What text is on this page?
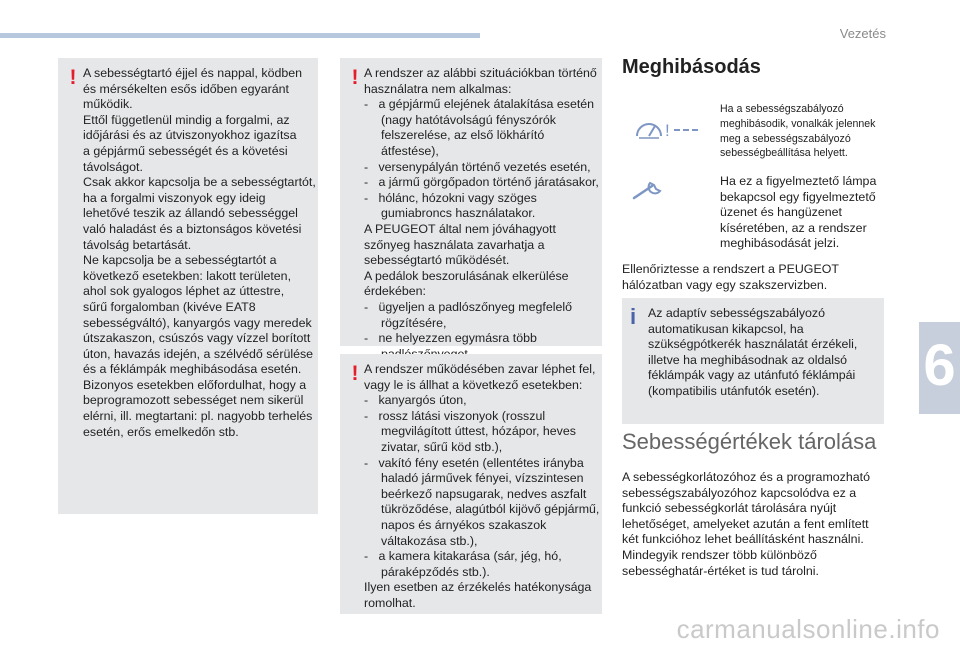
Vezetés
6
carmanualsonline.info
! A sebességtartó éjjel és nappal, ködben

és mérsékelten esős időben egyaránt

működik.

Ettől függetlenül mindig a forgalmi, az

időjárási és az útviszonyokhoz igazítsa

a gépjármű sebességét és a követési

távolságot.

Csak akkor kapcsolja be a sebességtartót,

ha a forgalmi viszonyok egy ideig

lehetővé teszik az állandó sebességgel

való haladást és a biztonságos követési

távolság betartását.

Ne kapcsolja be a sebességtartót a

következő esetekben: lakott területen,

ahol sok gyalogos léphet az úttestre,

sűrű forgalomban (kivéve EAT8

sebességváltó), kanyargós vagy meredek

útszakaszon, csúszós vagy vízzel borított

úton, havazás idején, a szélvédő sérülése

és a féklámpák meghibásodása esetén.

Bizonyos esetekben előfordulhat, hogy a

beprogramozott sebességet nem sikerül

elérni, ill. megtartani: pl. nagyobb terhelés

esetén, erős emelkedőn stb.

! A rendszer az alábbi szituációkban történő

használatra nem alkalmas:

-   a gépjármű elejének átalakítása esetén (nagy hatótávolságú fényszórók felszerelése, az első lökhárító átfestése),

-   versenypályán történő vezetés esetén,

-   a jármű görgőpadon történő járatásakor,

-   hólánc, hózokni vagy szöges gumiabroncs használatakor.

A PEUGEOT által nem jóváhagyott szőnyeg használata zavarhatja a sebességtartó működését.

A pedálok beszorulásának elkerülése érdekében:

-   ügyeljen a padlószőnyeg megfelelő rögzítésére,

-   ne helyezzen egymásra több

! A rendszer működésében zavar léphet fel, vagy le is állhat a következő esetekben:

-   kanyargós úton,

-   rossz látási viszonyok (rosszul megvilágított úttest, hózápor, heves zivatar, sűrű köd stb.),

-   vakító fény esetén (ellentétes irányba haladó járművek fényei, vízszintesen beérkező napsugarak, nedves aszfalt tükröződése, alagútból kijövő gépjármű, napos és árnyékos szakaszok váltakozása stb.),

-   a kamera kitakarása (sár, jég, hó, páraképződés stb.).

Ilyen esetben az érzékelés hatékonysága romolhat.

Meghibásodás
!
Ha a sebességszabályozó meghibásodik, vonalkák jelennek meg a sebességszabályozó sebességbeállítása helyett.
Ha ez a figyelmeztető lámpa bekapcsol egy figyelmeztető üzenet és hangüzenet kíséretében, az a rendszer meghibásodását jelzi.
Ellenőriztesse a rendszert a PEUGEOT hálózatban vagy egy szakszervizben.
i Az adaptív sebességszabályozó automatikusan kikapcsol, ha szükségpótkerék használatát érzékeli, illetve ha meghibásodnak az oldalsó féklámpák vagy az utánfutó féklámpái (kompatibilis utánfutók esetén).
Sebességértékek tárolása
A sebességkorlátozóhoz és a programozható sebességszabályozóhoz kapcsolódva ez a funkció sebességkorlát tárolására nyújt lehetőséget, amelyeket azután a fent említett két funkcióhoz lehet beállításként használni. Mindegyik rendszer több különböző sebességhatár-értéket is tud tárolni.
